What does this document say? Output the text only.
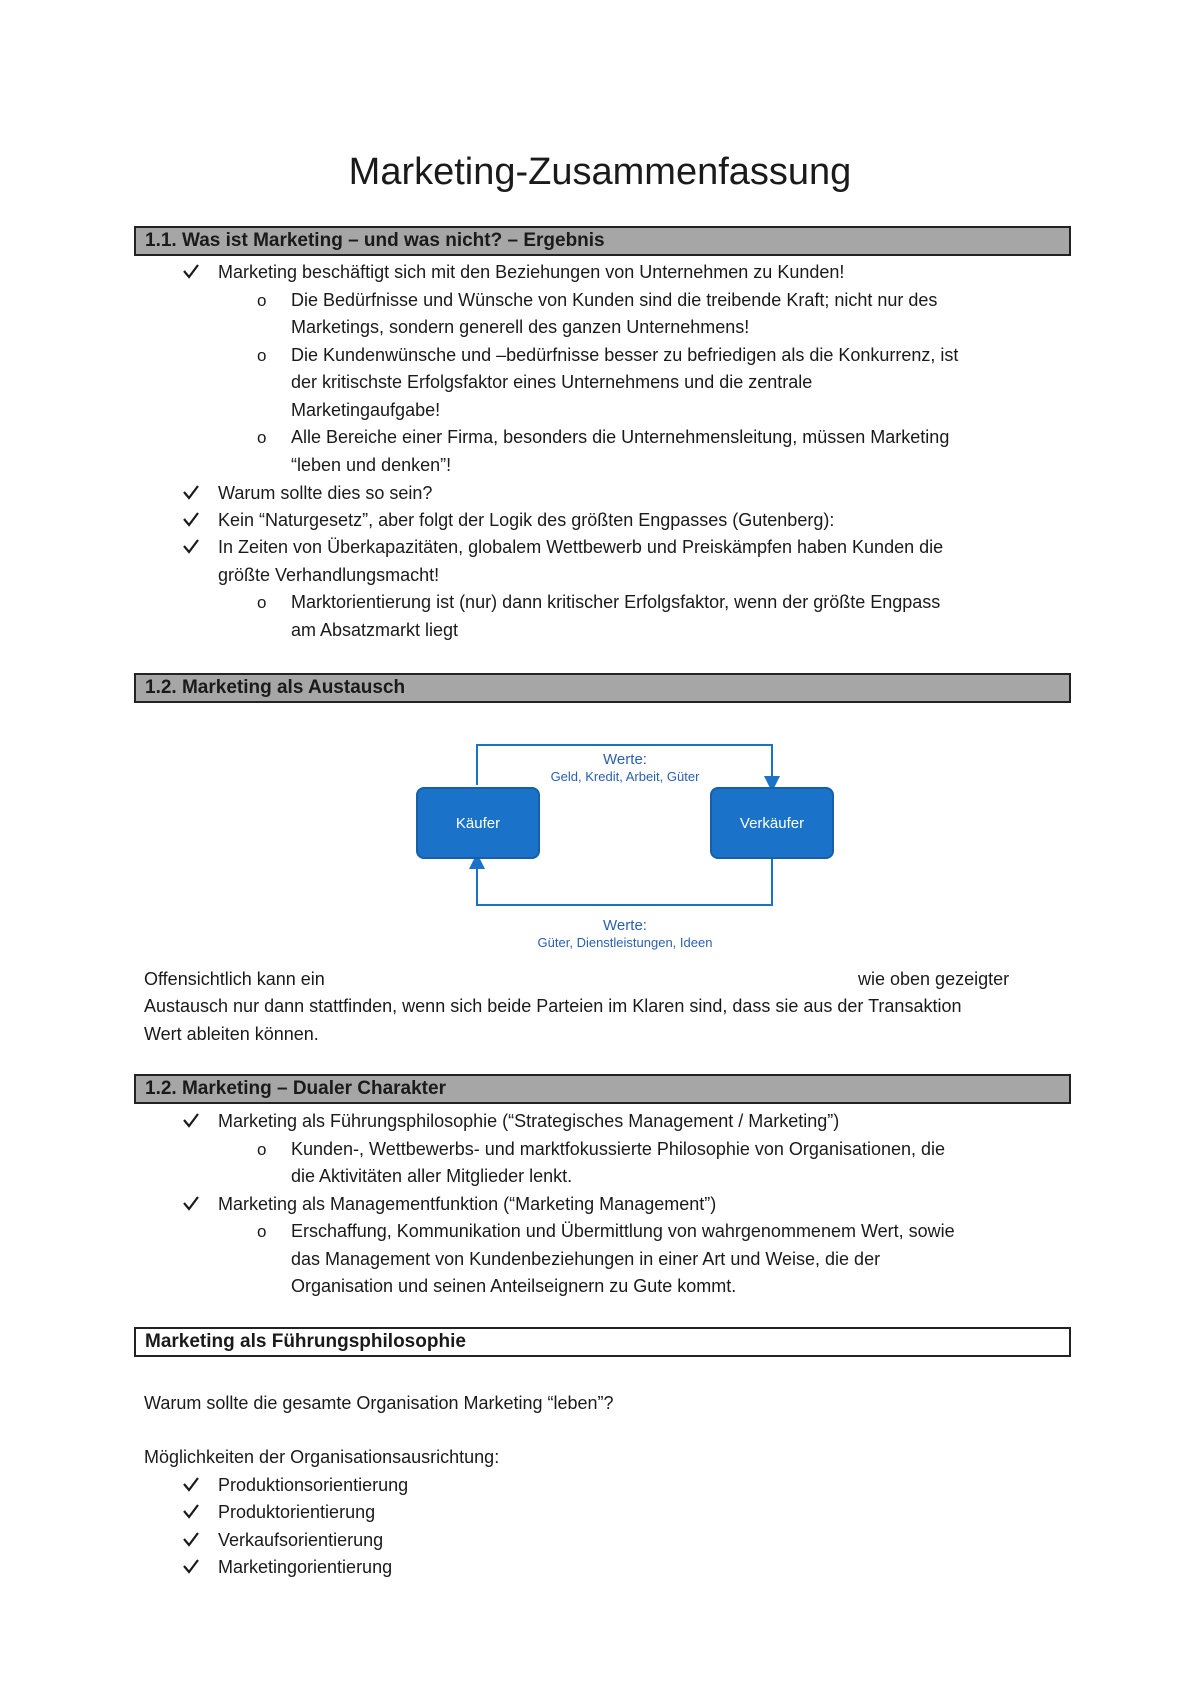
Marketing-Zusammenfassung
1.1. Was ist Marketing – und was nicht? – Ergebnis
Marketing beschäftigt sich mit den Beziehungen von Unternehmen zu Kunden!
o Die Bedürfnisse und Wünsche von Kunden sind die treibende Kraft; nicht nur des
Marketings, sondern generell des ganzen Unternehmens!
o Die Kundenwünsche und –bedürfnisse besser zu befriedigen als die Konkurrenz, ist
der kritischste Erfolgsfaktor eines Unternehmens und die zentrale
Marketingaufgabe!
o Alle Bereiche einer Firma, besonders die Unternehmensleitung, müssen Marketing
“leben und denken”!
Warum sollte dies so sein?
Kein “Naturgesetz”, aber folgt der Logik des größten Engpasses (Gutenberg):
In Zeiten von Überkapazitäten, globalem Wettbewerb und Preiskämpfen haben Kunden die
größte Verhandlungsmacht!
o Marktorientierung ist (nur) dann kritischer Erfolgsfaktor, wenn der größte Engpass
am Absatzmarkt liegt
1.2. Marketing als Austausch
Käufer	Verkäufer
Werte:
Geld, Kredit, Arbeit, Güter
Werte:
Güter, Dienstleistungen, Ideen
Offensichtlich kann ein	wie oben gezeigter
Austausch nur dann stattfinden, wenn sich beide Parteien im Klaren sind, dass sie aus der Transaktion
Wert ableiten können.
1.2. Marketing – Dualer Charakter
Marketing als Führungsphilosophie (“Strategisches Management / Marketing”)
o Kunden-, Wettbewerbs- und marktfokussierte Philosophie von Organisationen, die
die Aktivitäten aller Mitglieder lenkt.
Marketing als Managementfunktion (“Marketing Management”)
o Erschaffung, Kommunikation und Übermittlung von wahrgenommenem Wert, sowie
das Management von Kundenbeziehungen in einer Art und Weise, die der
Organisation und seinen Anteilseignern zu Gute kommt.
Marketing als Führungsphilosophie
Warum sollte die gesamte Organisation Marketing “leben”?
Möglichkeiten der Organisationsausrichtung:
Produktionsorientierung
Produktorientierung
Verkaufsorientierung
Marketingorientierung
